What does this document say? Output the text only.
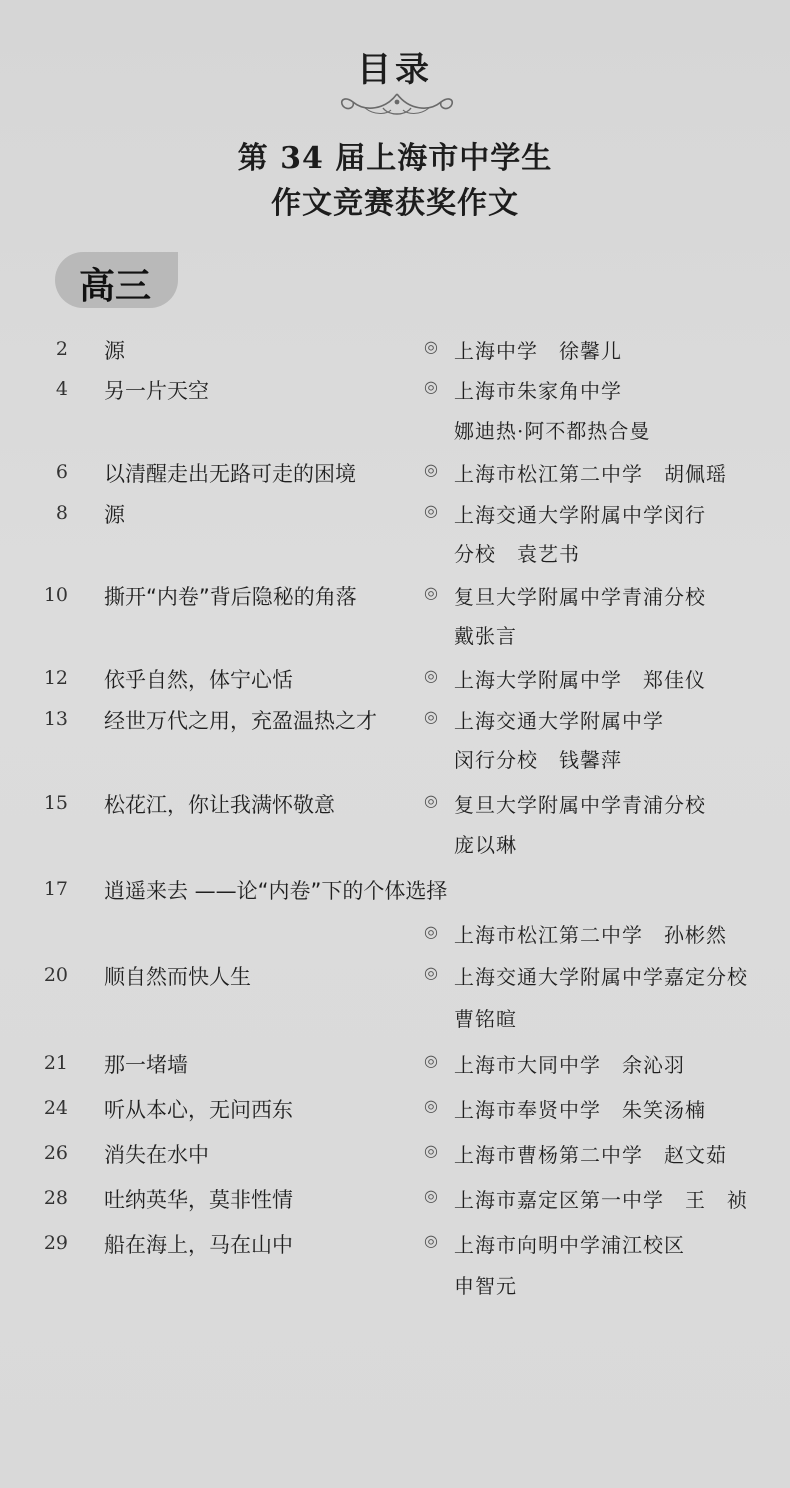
目录
第 34 届上海市中学生
作文竞赛获奖作文
高三
2 源	◎ 上海中学　徐馨儿
4 另一片天空	◎ 上海市朱家角中学
娜迪热·阿不都热合曼
6 以清醒走出无路可走的困境	◎ 上海市松江第二中学　胡佩瑶
8 源	◎ 上海交通大学附属中学闵行
分校　袁艺书
10 撕开“内卷”背后隐秘的角落	◎ 复旦大学附属中学青浦分校
戴张言
12 依乎自然，体宁心恬	◎ 上海大学附属中学　郑佳仪
13 经世万代之用，充盈温热之才	◎ 上海交通大学附属中学
闵行分校　钱馨萍
15 松花江，你让我满怀敬意	◎ 复旦大学附属中学青浦分校
庞以琳
17 逍遥来去 ——论“内卷”下的个体选择
◎ 上海市松江第二中学　孙彬然
20 顺自然而快人生	◎ 上海交通大学附属中学嘉定分校
曹铭暄
21 那一堵墙	◎ 上海市大同中学　余沁羽
24 听从本心，无问西东	◎ 上海市奉贤中学　朱笑汤楠
26 消失在水中	◎ 上海市曹杨第二中学　赵文茹
28 吐纳英华，莫非性情	◎ 上海市嘉定区第一中学　王　祯
29 船在海上，马在山中	◎ 上海市向明中学浦江校区
申智元
